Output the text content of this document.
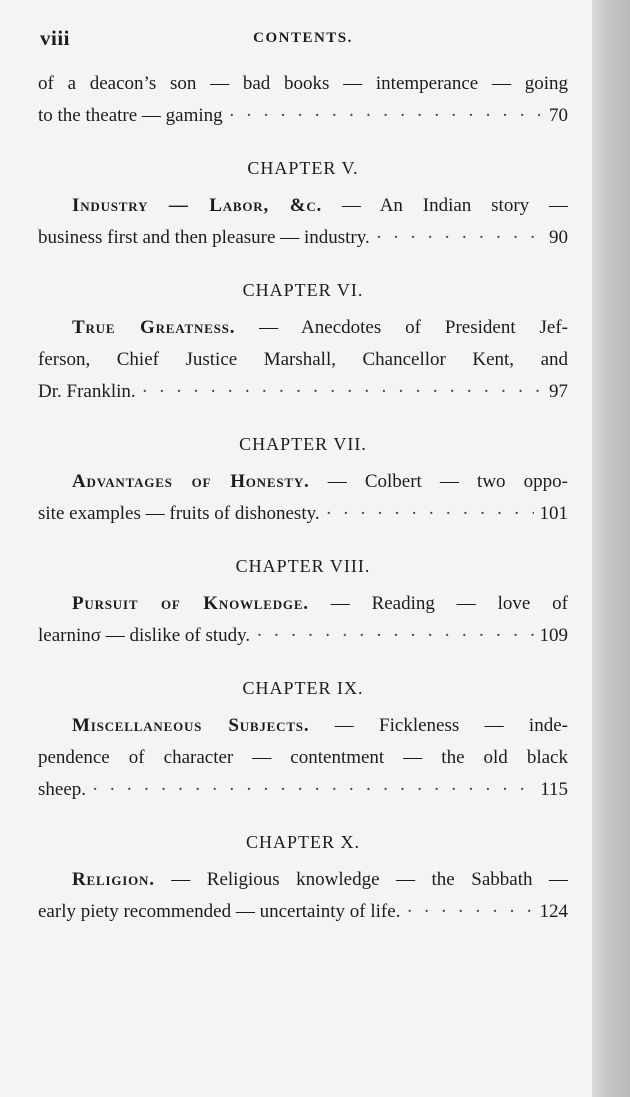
viii	CONTENTS.
of a deacon’s son — bad books — intemperance — going
to the theatre — gaming · · ·	70
CHAPTER V.
Industry — Labor, &c. — An Indian story —
business first and then pleasure — industry. · · ·	90
CHAPTER VI.
True Greatness. — Anecdotes of President Jef-
ferson, Chief Justice Marshall, Chancellor Kent, and
Dr. Franklin. · · ·	97
CHAPTER VII.
Advantages of Honesty. — Colbert — two oppo-
site examples — fruits of dishonesty. · · ·	101
CHAPTER VIII.
Pursuit of Knowledge. — Reading — love of
learninσ — dislike of study. · · ·	109
CHAPTER IX.
Miscellaneous Subjects. — Fickleness — inde-
pendence of character — contentment — the old black
sheep. · · ·	115
CHAPTER X.
Religion. — Religious knowledge — the Sabbath —
early piety recommended — uncertainty of life. · · ·	124
